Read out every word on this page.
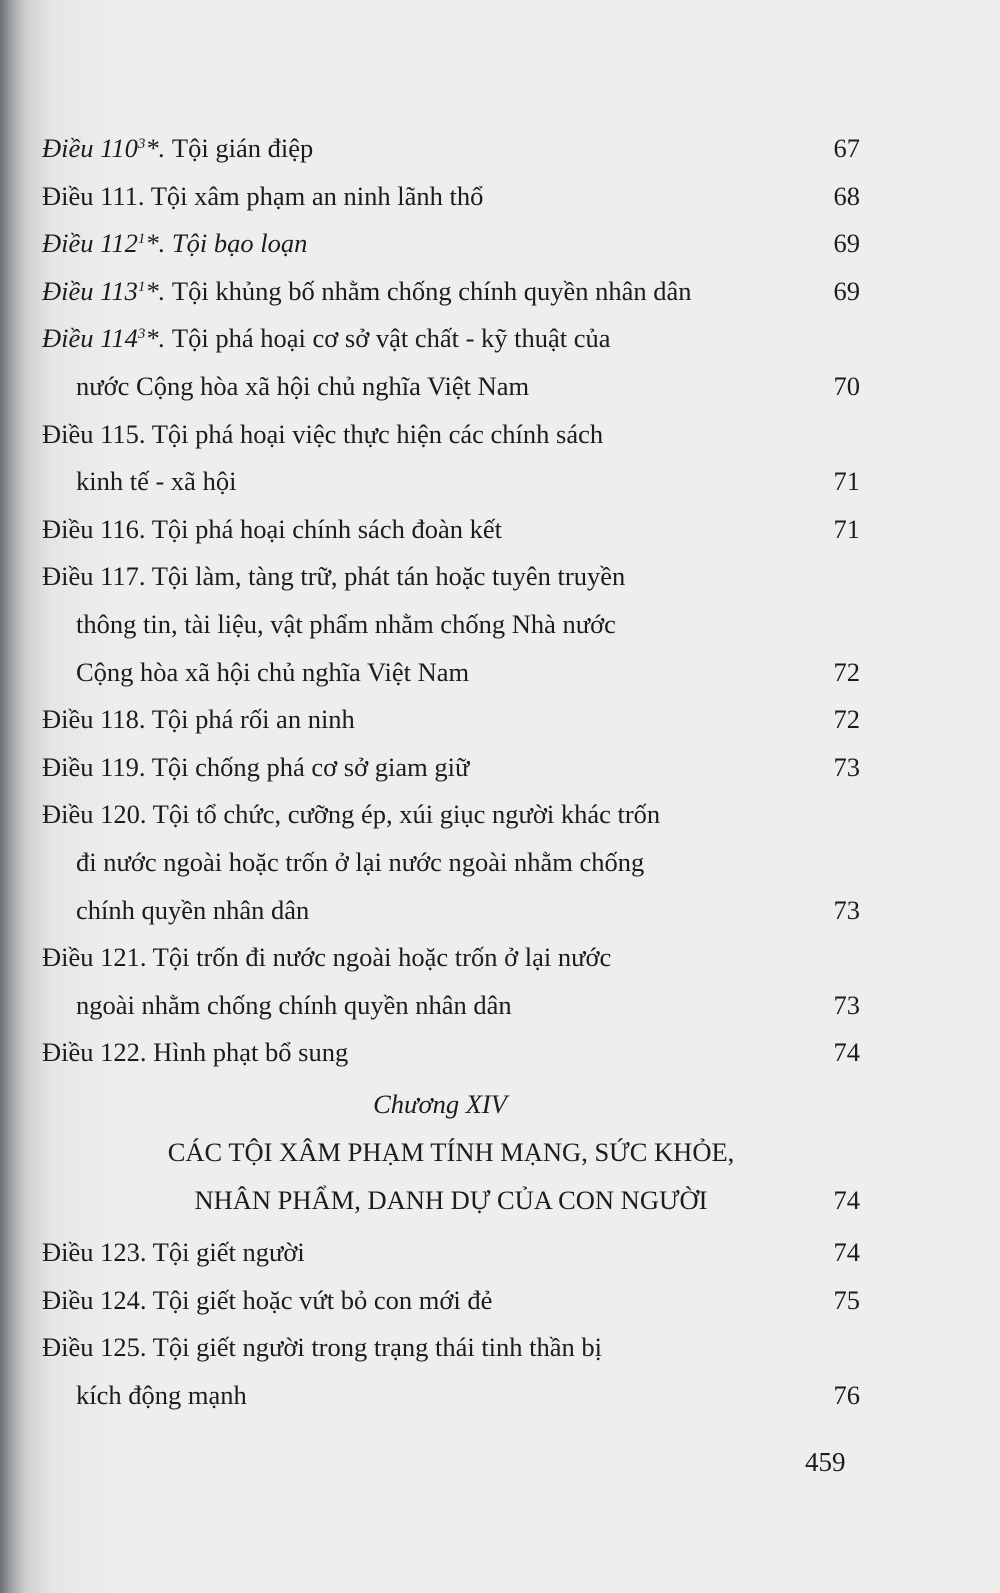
Điều $110^3*$. Tội gián điệp	67
Điều 111. Tội xâm phạm an ninh lãnh thổ	68
Điều $112^1*$. Tội bạo loạn	69
Điều $113^1*$. Tội khủng bố nhằm chống chính quyền nhân dân	69
Điều $114^3*$. Tội phá hoại cơ sở vật chất - kỹ thuật của
nước Cộng hòa xã hội chủ nghĩa Việt Nam	70
Điều 115. Tội phá hoại việc thực hiện các chính sách
kinh tế - xã hội	71
Điều 116. Tội phá hoại chính sách đoàn kết	71
Điều 117. Tội làm, tàng trữ, phát tán hoặc tuyên truyền
thông tin, tài liệu, vật phẩm nhằm chống Nhà nước
Cộng hòa xã hội chủ nghĩa Việt Nam	72
Điều 118. Tội phá rối an ninh	72
Điều 119. Tội chống phá cơ sở giam giữ	73
Điều 120. Tội tổ chức, cưỡng ép, xúi giục người khác trốn
đi nước ngoài hoặc trốn ở lại nước ngoài nhằm chống
chính quyền nhân dân	73
Điều 121. Tội trốn đi nước ngoài hoặc trốn ở lại nước
ngoài nhằm chống chính quyền nhân dân	73
Điều 122. Hình phạt bổ sung	74
Chương XIV
CÁC TỘI XÂM PHẠM TÍNH MẠNG, SỨC KHỎE,
NHÂN PHẨM, DANH DỰ CỦA CON NGƯỜI	74
Điều 123. Tội giết người	74
Điều 124. Tội giết hoặc vứt bỏ con mới đẻ	75
Điều 125. Tội giết người trong trạng thái tinh thần bị
kích động mạnh	76
459
